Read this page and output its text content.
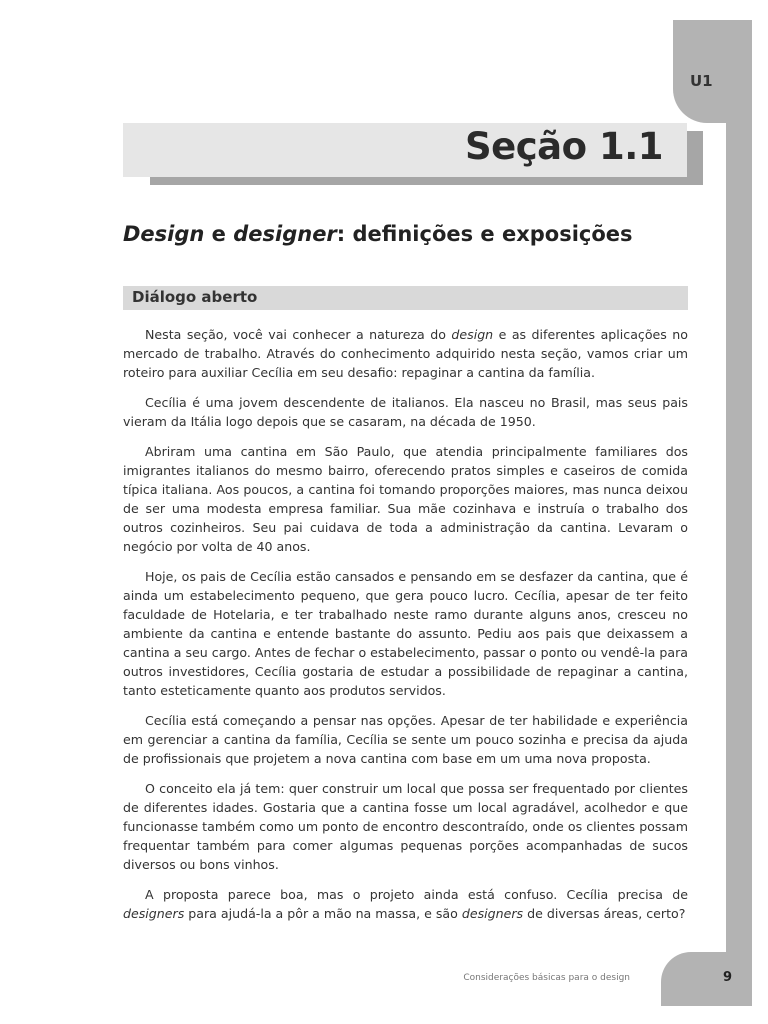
U1
Seção 1.1
Design e designer: definições e exposições
Diálogo aberto

Nesta seção, você vai conhecer a natureza do design e as diferentes aplicações no mercado de trabalho. Através do conhecimento adquirido nesta seção, vamos criar um roteiro para auxiliar Cecília em seu desafio: repaginar a cantina da família.

Cecília é uma jovem descendente de italianos. Ela nasceu no Brasil, mas seus pais vieram da Itália logo depois que se casaram, na década de 1950.

Abriram uma cantina em São Paulo, que atendia principalmente familiares dos imigrantes italianos do mesmo bairro, oferecendo pratos simples e caseiros de comida típica italiana. Aos poucos, a cantina foi tomando proporções maiores, mas nunca deixou de ser uma modesta empresa familiar. Sua mãe cozinhava e instruía o trabalho dos outros cozinheiros. Seu pai cuidava de toda a administração da cantina. Levaram o negócio por volta de 40 anos.

Hoje, os pais de Cecília estão cansados e pensando em se desfazer da cantina, que é ainda um estabelecimento pequeno, que gera pouco lucro. Cecília, apesar de ter feito faculdade de Hotelaria, e ter trabalhado neste ramo durante alguns anos, cresceu no ambiente da cantina e entende bastante do assunto. Pediu aos pais que deixassem a cantina a seu cargo. Antes de fechar o estabelecimento, passar o ponto ou vendê-la para outros investidores, Cecília gostaria de estudar a possibilidade de repaginar a cantina, tanto esteticamente quanto aos produtos servidos.

Cecília está começando a pensar nas opções. Apesar de ter habilidade e experiência em gerenciar a cantina da família, Cecília se sente um pouco sozinha e precisa da ajuda de profissionais que projetem a nova cantina com base em um uma nova proposta.

O conceito ela já tem: quer construir um local que possa ser frequentado por clientes de diferentes idades. Gostaria que a cantina fosse um local agradável, acolhedor e que funcionasse também como um ponto de encontro descontraído, onde os clientes possam frequentar também para comer algumas pequenas porções acompanhadas de sucos diversos ou bons vinhos.

A proposta parece boa, mas o projeto ainda está confuso. Cecília precisa de designers para ajudá-la a pôr a mão na massa, e são designers de diversas áreas, certo?

Considerações básicas para o design	9
